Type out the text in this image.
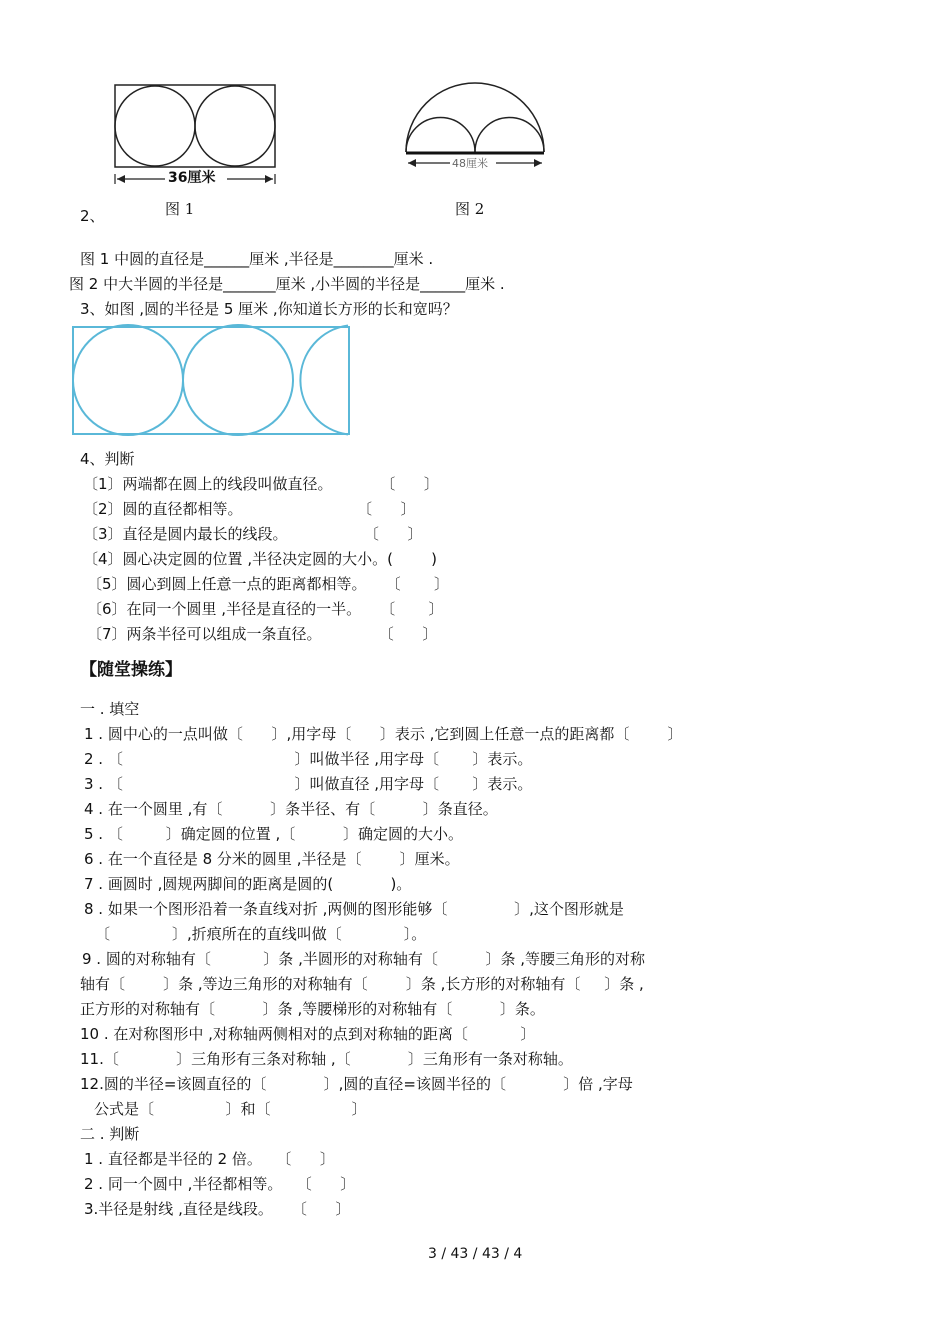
36厘米
48厘米
2、	图 1	图 2
图 1 中圆的直径是______厘米 ,半径是________厘米 .
图 2 中大半圆的半径是_______厘米 ,小半圆的半径是______厘米 .
3、如图 ,圆的半径是 5 厘米 ,你知道长方形的长和宽吗？
4、判断
〔1〕两端都在圆上的线段叫做直径。          〔      〕
〔2〕圆的直径都相等。                        〔      〕
〔3〕直径是圆内最长的线段。                〔      〕
〔4〕圆心决定圆的位置 ,半径决定圆的大小。(        )
〔5〕圆心到圆上任意一点的距离都相等。    〔       〕
〔6〕在同一个圆里 ,半径是直径的一半。    〔       〕
〔7〕两条半径可以组成一条直径。            〔      〕
【随堂操练】
一 . 填空
1 . 圆中心的一点叫做〔      〕,用字母〔      〕表示 ,它到圆上任意一点的距离都〔        〕
2 . 〔                                    〕叫做半径 ,用字母〔       〕表示。
3 . 〔                                    〕叫做直径 ,用字母〔       〕表示。
4 . 在一个圆里 ,有〔          〕条半径、有〔          〕条直径。
5 . 〔         〕确定圆的位置 ,〔          〕确定圆的大小。
6 . 在一个直径是 8 分米的圆里 ,半径是〔        〕厘米。
7 . 画圆时 ,圆规两脚间的距离是圆的(            )。
8 . 如果一个图形沿着一条直线对折 ,两侧的图形能够〔              〕,这个图形就是
〔             〕,折痕所在的直线叫做〔             〕。
9 . 圆的对称轴有〔           〕条 ,半圆形的对称轴有〔          〕条 ,等腰三角形的对称
轴有〔        〕条 ,等边三角形的对称轴有〔        〕条 ,长方形的对称轴有〔     〕条 ,
正方形的对称轴有〔          〕条 ,等腰梯形的对称轴有〔          〕条。
10 . 在对称图形中 ,对称轴两侧相对的点到对称轴的距离〔           〕
11.〔            〕三角形有三条对称轴 ,〔            〕三角形有一条对称轴。
12.圆的半径=该圆直径的〔            〕,圆的直径=该圆半径的〔            〕倍 ,字母
公式是〔               〕和〔                 〕
二 . 判断
1 . 直径都是半径的 2 倍。   〔      〕
2 . 同一个圆中 ,半径都相等。   〔      〕
3.半径是射线 ,直径是线段。    〔      〕
3 / 43 / 43 / 4
